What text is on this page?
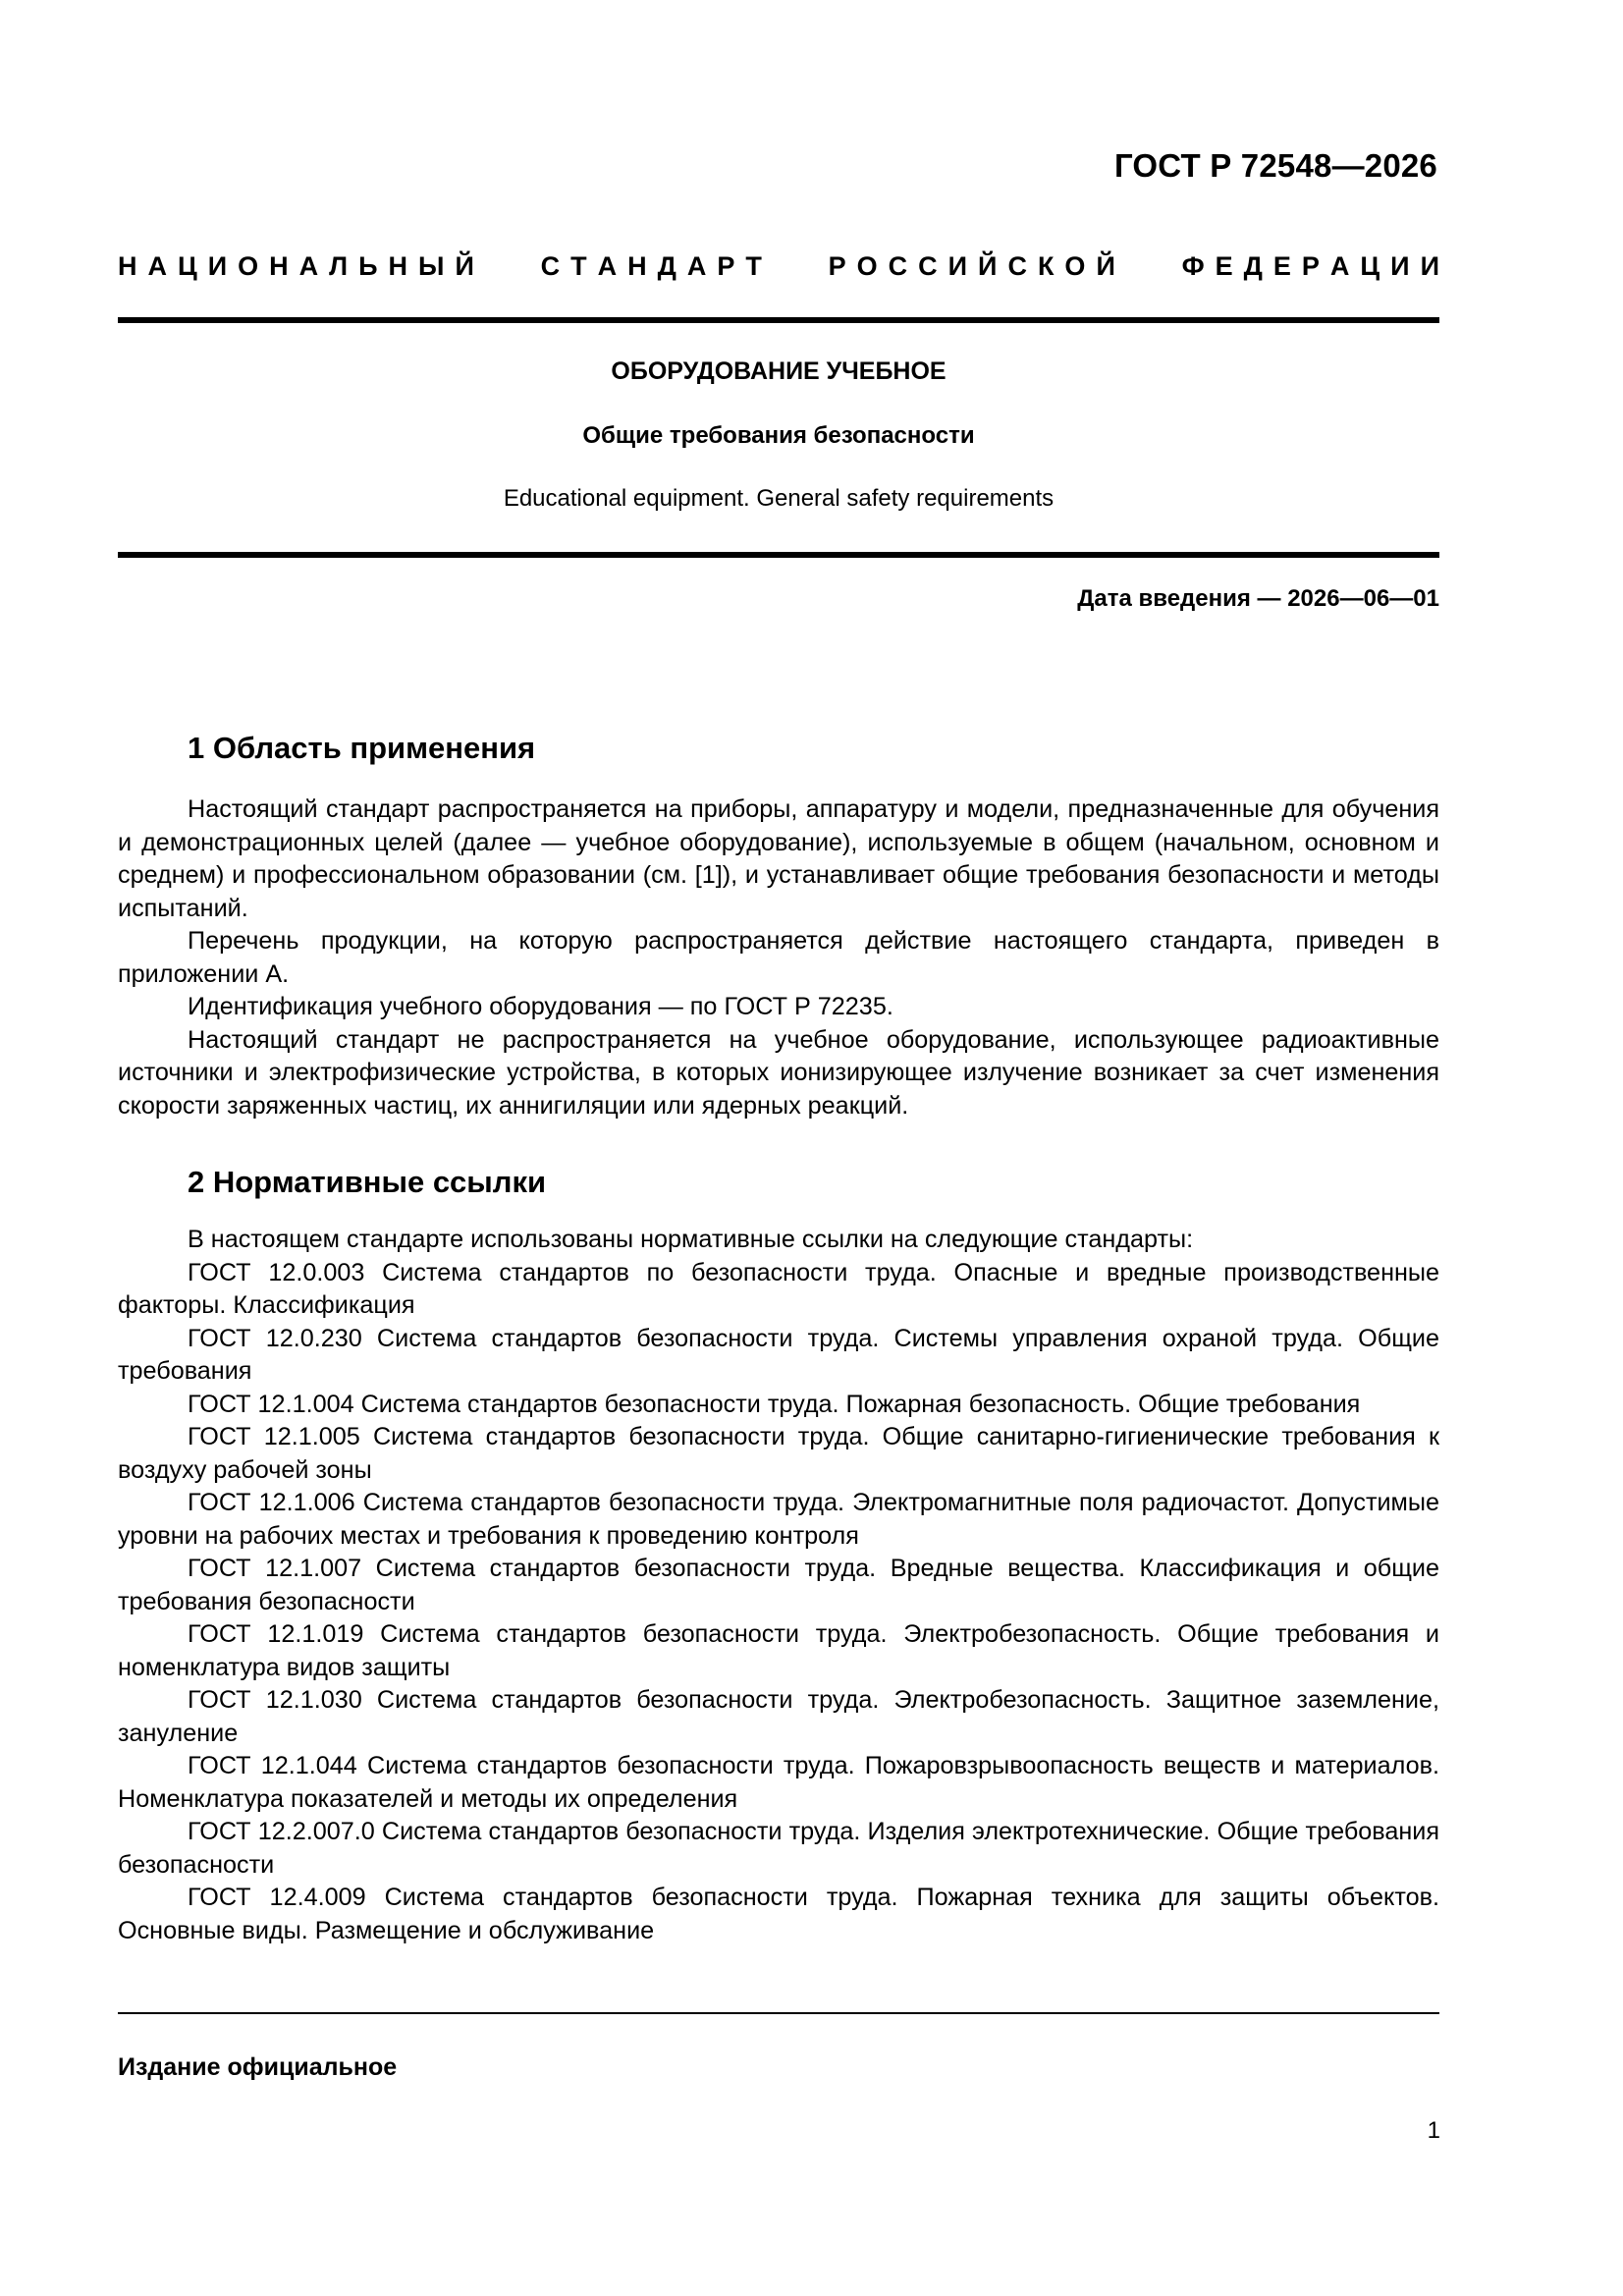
ГОСТ Р 72548—2026
Н А Ц И О Н А Л Ь Н Ы Й	С Т А Н Д А Р Т	Р О С С И Й С К О Й	Ф Е Д Е Р А Ц И И
ОБОРУДОВАНИЕ УЧЕБНОЕ
Общие требования безопасности
Educational equipment. General safety requirements
Дата введения — 2026—06—01
1 Область применения

Настоящий стандарт распространяется на приборы, аппаратуру и модели, предназначенные для обучения и демонстрационных целей (далее — учебное оборудование), используемые в общем (начальном, основном и среднем) и профессиональном образовании (см. [1]), и устанавливает общие требования безопасности и методы испытаний.

Перечень продукции, на которую распространяется действие настоящего стандарта, приведен в приложении А.

Идентификация учебного оборудования — по ГОСТ Р 72235.

Настоящий стандарт не распространяется на учебное оборудование, использующее радиоактивные источники и электрофизические устройства, в которых ионизирующее излучение возникает за счет изменения скорости заряженных частиц, их аннигиляции или ядерных реакций.

2 Нормативные ссылки

В настоящем стандарте использованы нормативные ссылки на следующие стандарты:

ГОСТ 12.0.003 Система стандартов по безопасности труда. Опасные и вредные производственные факторы. Классификация

ГОСТ 12.0.230 Система стандартов безопасности труда. Системы управления охраной труда. Общие требования

ГОСТ 12.1.004 Система стандартов безопасности труда. Пожарная безопасность. Общие требования

ГОСТ 12.1.005 Система стандартов безопасности труда. Общие санитарно-гигиенические требования к воздуху рабочей зоны

ГОСТ 12.1.006 Система стандартов безопасности труда. Электромагнитные поля радиочастот. Допустимые уровни на рабочих местах и требования к проведению контроля

ГОСТ 12.1.007 Система стандартов безопасности труда. Вредные вещества. Классификация и общие требования безопасности

ГОСТ 12.1.019 Система стандартов безопасности труда. Электробезопасность. Общие требования и номенклатура видов защиты

ГОСТ 12.1.030 Система стандартов безопасности труда. Электробезопасность. Защитное заземление, зануление

ГОСТ 12.1.044 Система стандартов безопасности труда. Пожаровзрывоопасность веществ и материалов. Номенклатура показателей и методы их определения

ГОСТ 12.2.007.0 Система стандартов безопасности труда. Изделия электротехнические. Общие требования безопасности

ГОСТ 12.4.009 Система стандартов безопасности труда. Пожарная техника для защиты объектов. Основные виды. Размещение и обслуживание

Издание официальное
1
